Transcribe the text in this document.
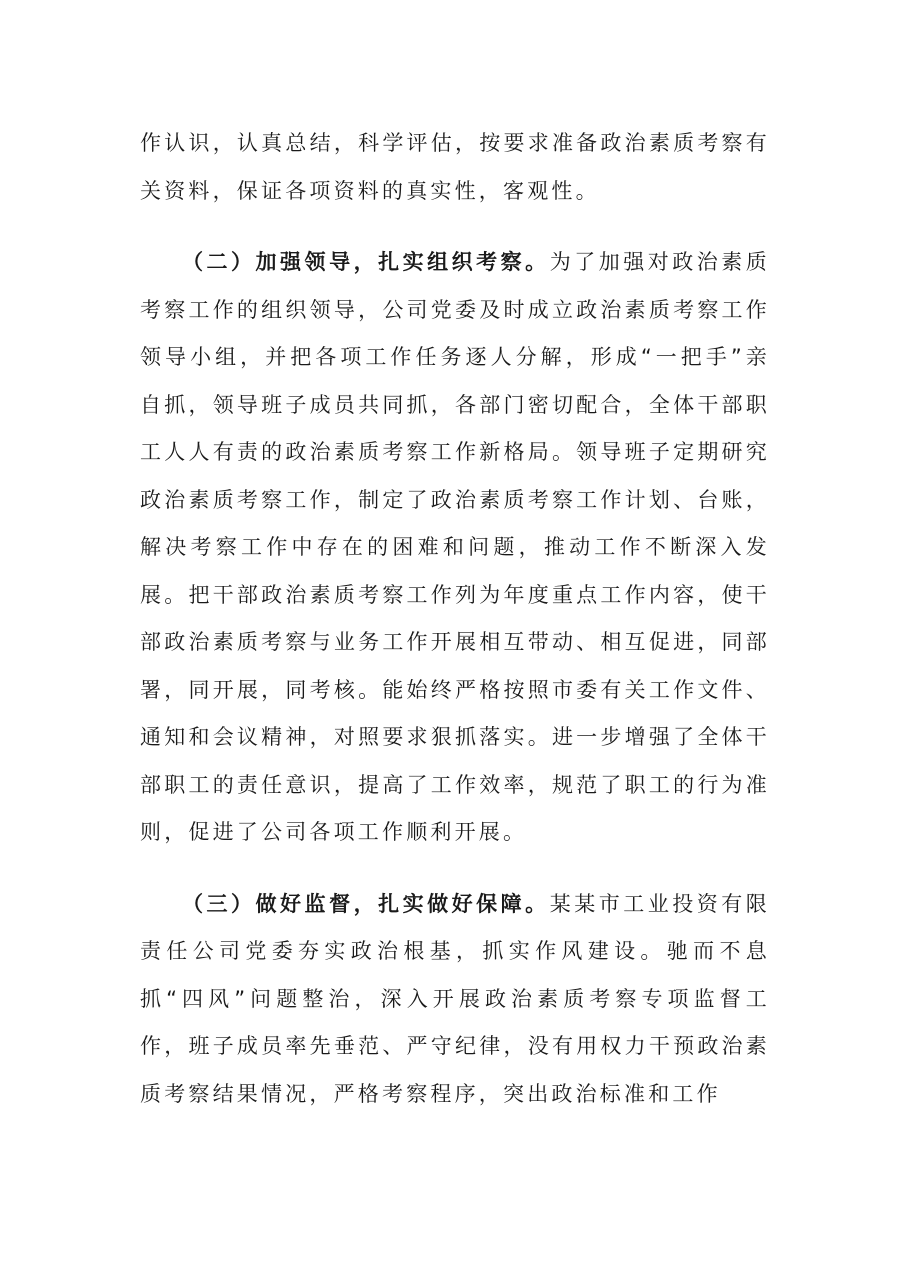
作认识，认真总结，科学评估，按要求准备政治素质考察有关资料，保证各项资料的真实性，客观性。

（二）加强领导，扎实组织考察。为了加强对政治素质考察工作的组织领导，公司党委及时成立政治素质考察工作领导小组，并把各项工作任务逐人分解，形成“一把手”亲自抓，领导班子成员共同抓，各部门密切配合，全体干部职工人人有责的政治素质考察工作新格局。领导班子定期研究政治素质考察工作，制定了政治素质考察工作计划、台账，解决考察工作中存在的困难和问题，推动工作不断深入发展。把干部政治素质考察工作列为年度重点工作内容，使干部政治素质考察与业务工作开展相互带动、相互促进，同部署，同开展，同考核。能始终严格按照市委有关工作文件、通知和会议精神，对照要求狠抓落实。进一步增强了全体干部职工的责任意识，提高了工作效率，规范了职工的行为准则，促进了公司各项工作顺利开展。

（三）做好监督，扎实做好保障。某某市工业投资有限责任公司党委夯实政治根基，抓实作风建设。驰而不息抓“四风”问题整治，深入开展政治素质考察专项监督工作，班子成员率先垂范、严守纪律，没有用权力干预政治素质考察结果情况，严格考察程序，突出政治标准和工作
